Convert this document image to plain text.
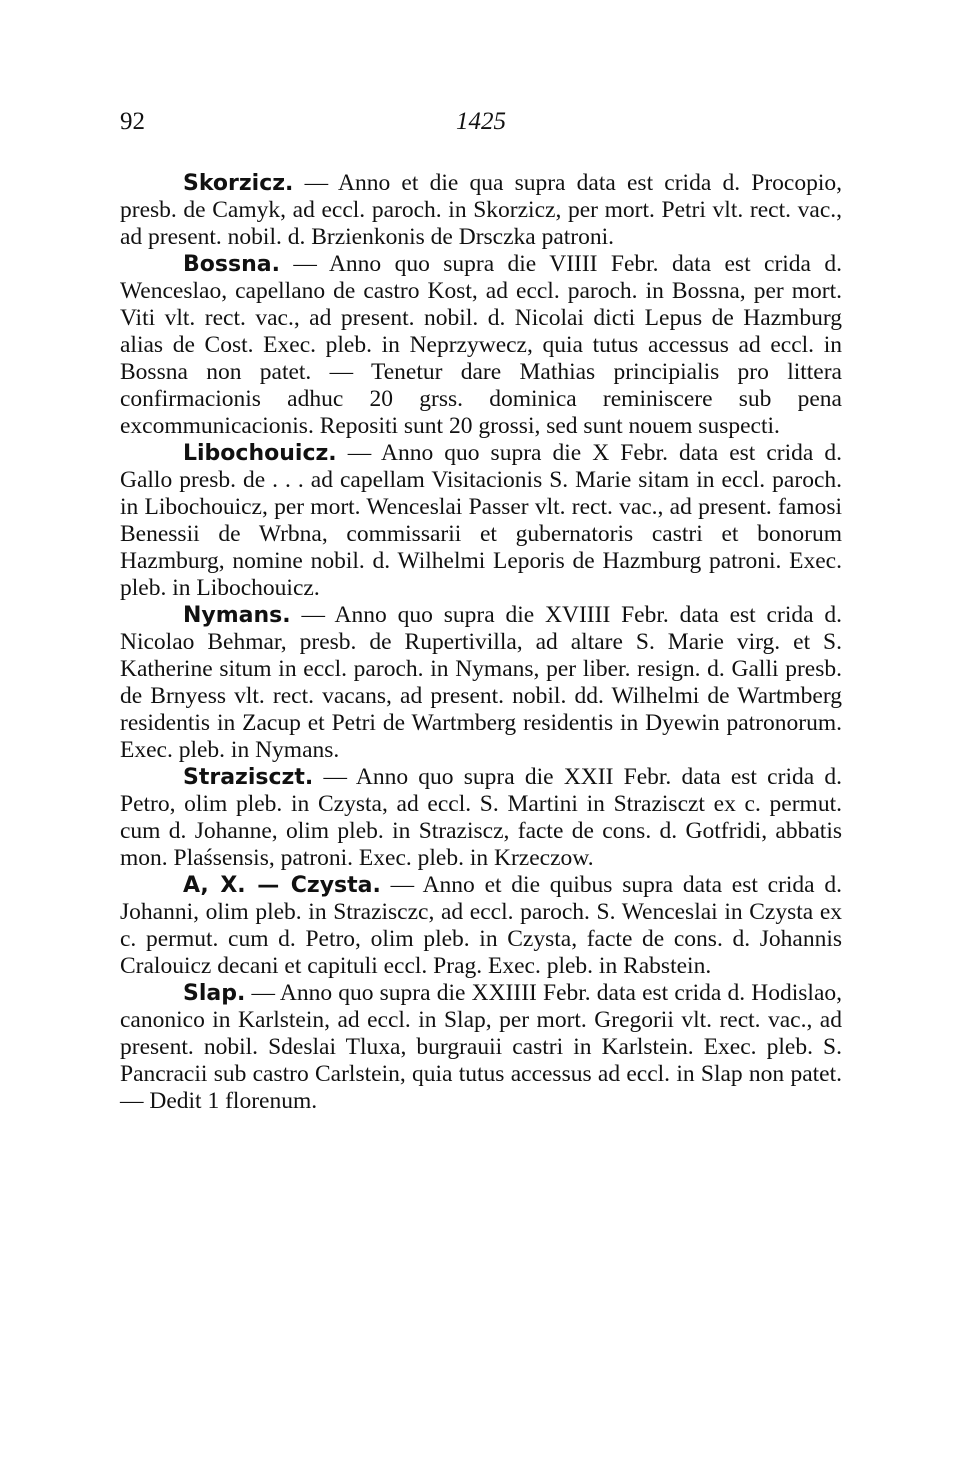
92	1425

Skorzicz. — Anno et die qua supra data est crida d. Procopio, presb. de Camyk, ad eccl. paroch. in Skorzicz, per mort. Petri vlt. rect. vac., ad present. nobil. d. Brzienkonis de Drsczka patroni.

Bossna. — Anno quo supra die VIIII Febr. data est crida d. Wenceslao, capellano de castro Kost, ad eccl. paroch. in Bossna, per mort. Viti vlt. rect. vac., ad present. nobil. d. Nicolai dicti Lepus de Hazmburg alias de Cost. Exec. pleb. in Neprzywecz, quia tutus accessus ad eccl. in Bossna non patet. — Tenetur dare Mathias principialis pro littera confirmacionis adhuc 20 grss. dominica reminiscere sub pena excommunicacionis. Repositi sunt 20 grossi, sed sunt nouem suspecti.

Libochouicz. — Anno quo supra die X Febr. data est crida d. Gallo presb. de . . . ad capellam Visitacionis S. Marie sitam in eccl. paroch. in Libochouicz, per mort. Wenceslai Passer vlt. rect. vac., ad present. famosi Benessii de Wrbna, commissarii et gubernatoris castri et bonorum Hazmburg, nomine nobil. d. Wilhelmi Leporis de Hazmburg patroni. Exec. pleb. in Libochouicz.

Nymans. — Anno quo supra die XVIIII Febr. data est crida d. Nicolao Behmar, presb. de Rupertivilla, ad altare S. Marie virg. et S. Katherine situm in eccl. paroch. in Nymans, per liber. resign. d. Galli presb. de Brnyess vlt. rect. vacans, ad present. nobil. dd. Wilhelmi de Wartmberg residentis in Zacup et Petri de Wartmberg residentis in Dyewin patronorum. Exec. pleb. in Nymans.

Strazisczt. — Anno quo supra die XXII Febr. data est crida d. Petro, olim pleb. in Czysta, ad eccl. S. Martini in Strazisczt ex c. permut. cum d. Johanne, olim pleb. in Straziscz, facte de cons. d. Gotfridi, abbatis mon. Plaśsensis, patroni. Exec. pleb. in Krzeczow.

A, X. — Czysta. — Anno et die quibus supra data est crida d. Johanni, olim pleb. in Strazisczc, ad eccl. paroch. S. Wenceslai in Czysta ex c. permut. cum d. Petro, olim pleb. in Czysta, facte de cons. d. Johannis Cralouicz decani et capituli eccl. Prag. Exec. pleb. in Rabstein.

Slap. — Anno quo supra die XXIIII Febr. data est crida d. Hodislao, canonico in Karlstein, ad eccl. in Slap, per mort. Gregorii vlt. rect. vac., ad present. nobil. Sdeslai Tluxa, burgrauii castri in Karlstein. Exec. pleb. S. Pancracii sub castro Carlstein, quia tutus accessus ad eccl. in Slap non patet. — Dedit 1 florenum.
